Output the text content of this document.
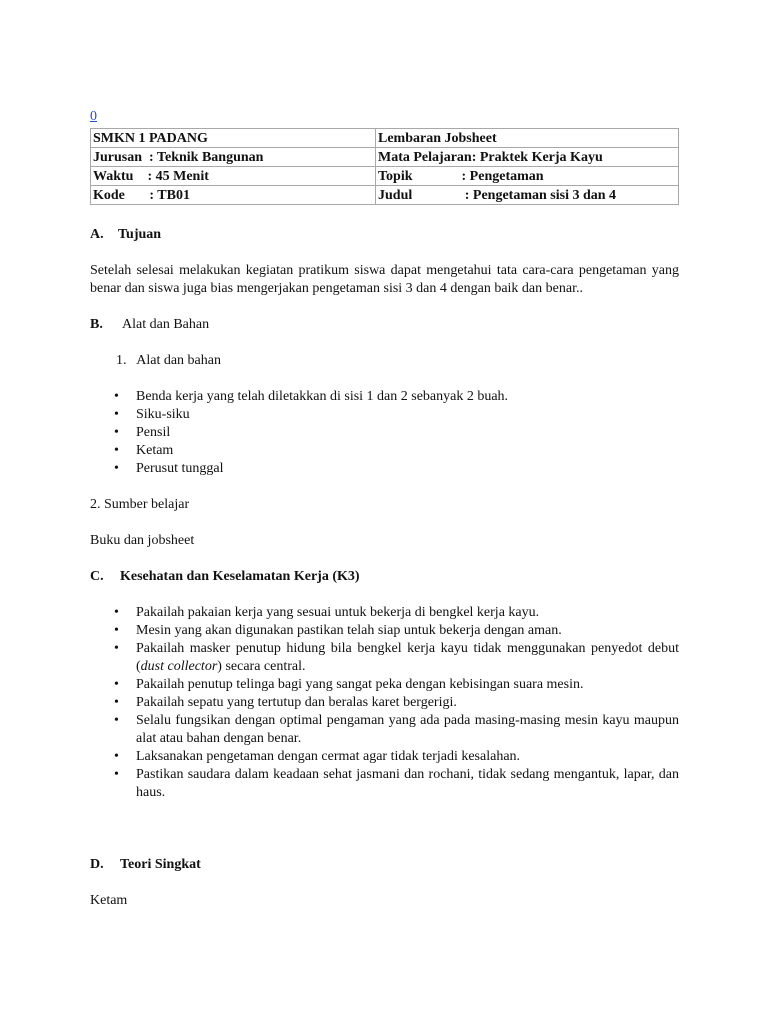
0
SMKN 1 PADANG	Lembaran Jobsheet
Jurusan  : Teknik Bangunan	Mata Pelajaran: Praktek Kerja Kayu
Waktu    : 45 Menit	Topik              : Pengetaman
Kode       : TB01	Judul               : Pengetaman sisi 3 dan 4
A. Tujuan

Setelah selesai melakukan kegiatan pratikum siswa dapat mengetahui tata cara-cara pengetaman yang benar dan siswa juga bias mengerjakan pengetaman sisi 3 dan 4 dengan baik dan benar..

B. Alat dan Bahan
1.   Alat dan bahan
• Benda kerja yang telah diletakkan di sisi 1 dan 2 sebanyak 2 buah.
• Siku-siku
• Pensil
• Ketam
• Perusut tunggal
2. Sumber belajar
Buku dan jobsheet
C. Kesehatan dan Keselamatan Kerja (K3)
• Pakailah pakaian kerja yang sesuai untuk bekerja di bengkel kerja kayu.
• Mesin yang akan digunakan pastikan telah siap untuk bekerja dengan aman.
• Pakailah masker penutup hidung bila bengkel kerja kayu tidak menggunakan penyedot debut (dust collector) secara central.
• Pakailah penutup telinga bagi yang sangat peka dengan kebisingan suara mesin.
• Pakailah sepatu yang tertutup dan beralas karet bergerigi.
• Selalu fungsikan dengan optimal pengaman yang ada pada masing-masing mesin kayu maupun alat atau bahan dengan benar.
• Laksanakan pengetaman dengan cermat agar tidak terjadi kesalahan.
• Pastikan saudara dalam keadaan sehat jasmani dan rochani, tidak sedang mengantuk, lapar, dan haus.
D. Teori Singkat
Ketam
